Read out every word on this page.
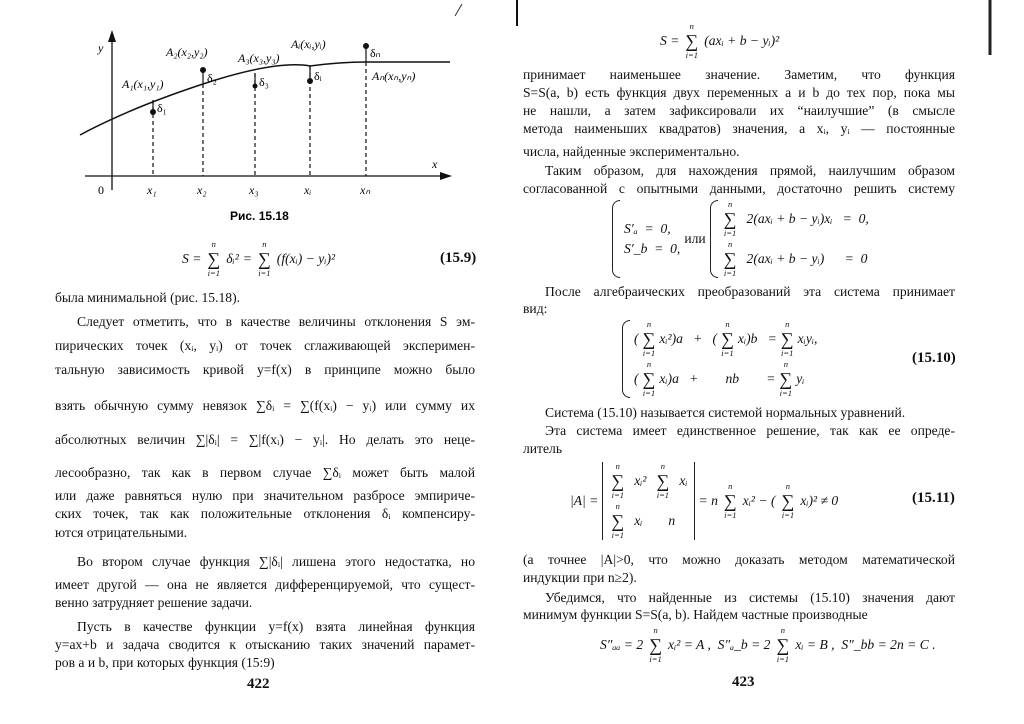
y
x
0	x₁	x₂	x₃	xᵢ	xₙ
A₁(x₁,y₁)
A₂(x₂,y₂)	A₃(x₃,y₃)
Aᵢ(xᵢ,yᵢ)
Aₙ(xₙ,yₙ)
δ₁
δ₂	δ₃	δᵢ
δₙ
Рис. 15.18
S =
n
∑
i=1
δᵢ² =
n
∑
i=1
(f(xᵢ) − yᵢ)²	(15.9)
была минимальной (рис. 15.18).
Следует отметить, что в качестве величины отклонения S эм-
пирических точек (xᵢ, yᵢ) от точек сглаживающей эксперимен-
тальную зависимость кривой y=f(x) в принципе можно было
взять обычную сумму невязок ∑δᵢ = ∑(f(xᵢ) − yᵢ) или сумму их
абсолютных величин ∑|δᵢ| = ∑|f(xᵢ) − yᵢ|. Но делать это неце-
лесообразно, так как в первом случае ∑δᵢ может быть малой
или даже равняться нулю при значительном разбросе эмпириче-
ских точек, так как положительные отклонения δᵢ компенсиру-
ются отрицательными.
Во втором случае функция ∑|δᵢ| лишена этого недостатка, но
имеет другой — она не является дифференцируемой, что сущест-
венно затрудняет решение задачи.
Пусть в качестве функции y=f(x) взята линейная функция
y=ax+b и задача сводится к отысканию таких значений парамет-
ров a и b, при которых функция (15:9)
422
S =
n
∑
i=1
(axᵢ + b − yᵢ)²
принимает наименьшее значение. Заметим, что функция
S=S(a, b) есть функция двух переменных a и b до тех пор, пока мы
не нашли, а затем зафиксировали их “наилучшие” (в смысле
метода наименьших квадратов) значения, а xᵢ, yᵢ — постоянные
числа, найденные экспериментально.
Таким образом, для нахождения прямой, наилучшим образом
согласованной с опытными данными, достаточно решить систему
S′ₐ  =  0,
S′_b  =  0,
или
n
∑
i=1
2(axᵢ + b − yᵢ)xᵢ   =  0,
n
∑
i=1
2(axᵢ + b − yᵢ)      =  0
После алгебраических преобразований эта система принимает
вид:
(
n
∑
i=1
xᵢ²)a   +   (
n
∑
i=1
xᵢ)b   =
n
∑
i=1
xᵢyᵢ,
(
n
∑
i=1
xᵢ)a   +        nb        =
n
∑
i=1
yᵢ
(15.10)
Система (15.10) называется системой нормальных уравнений.
Эта система имеет единственное решение, так как ее опреде-
литель
|A| =
n
∑
i=1
xᵢ²
n
∑
i=1
xᵢ
n
∑
i=1
xᵢ n
= n
n
∑
i=1
xᵢ² − (
n
∑
i=1
xᵢ)² ≠ 0	(15.11)
(а точнее |A|>0, что можно доказать методом математической
индукции при n≥2).
Убедимся, что найденные из системы (15.10) значения дают
минимум функции S=S(a, b). Найдем частные производные
S″ₐₐ = 2
n
∑
i=1
xᵢ² = A ,  S″ₐ_b = 2
n
∑
i=1
xᵢ = B ,  S″_bb = 2n = C .
423
